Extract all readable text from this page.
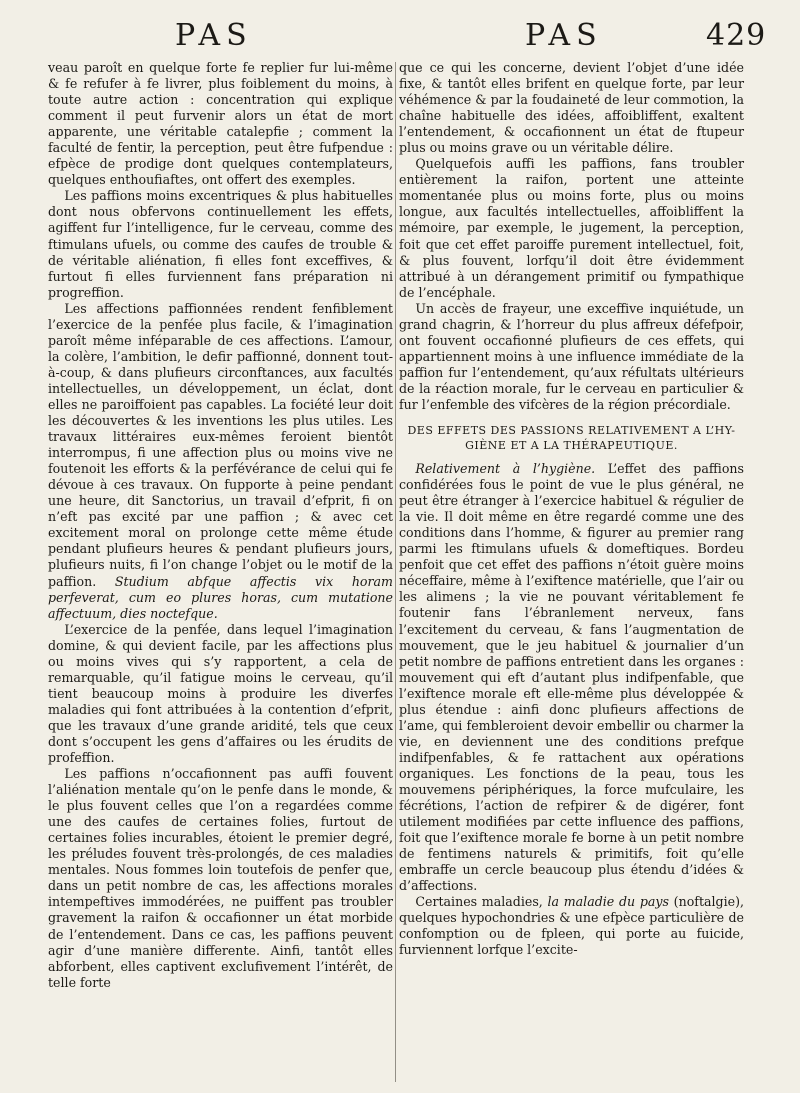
PAS	PAS	429

veau paroît en quelque forte fe replier fur lui-même & fe refufer à fe livrer, plus foiblement du moins, à toute autre action : concentration qui explique comment il peut furvenir alors un état de mort apparente, une véritable catalepfie ; comment la faculté de fentir, la perception, peut être fufpendue : efpèce de prodige dont quelques contemplateurs, quelques enthoufiaftes, ont offert des exemples.

Les paffions moins excentriques & plus habituelles dont nous obfervons continuellement les effets, agiffent fur l’intelligence, fur le cerveau, comme des ftimulans ufuels, ou comme des caufes de trouble & de véritable aliénation, fi elles font exceffives, & furtout fi elles furviennent fans préparation ni progreffion.

Les affections paffionnées rendent fenfiblement l’exercice de la penfée plus facile, & l’imagination paroît même inféparable de ces affections. L’amour, la colère, l’ambition, le defir paffionné, donnent tout-à-coup, & dans plufieurs circonftances, aux facultés intellectuelles, un développement, un éclat, dont elles ne paroiffoient pas capables. La fociété leur doit les découvertes & les inventions les plus utiles. Les travaux littéraires eux-mêmes feroient bientôt interrompus, fi une affection plus ou moins vive ne foutenoit les efforts & la perfévérance de celui qui fe dévoue à ces travaux. On fupporte à peine pendant une heure, dit Sanctorius, un travail d’efprit, fi on n’eft pas excité par une paffion ; & avec cet excitement moral on prolonge cette même étude pendant plufieurs heures & pendant plufieurs jours, plufieurs nuits, fi l’on change l’objet ou le motif de la paffion. Studium abfque affectis vix horam perfeverat, cum eo plures horas, cum mutatione affectuum, dies noctefque.

L’exercice de la penfée, dans lequel l’imagination domine, & qui devient facile, par les affections plus ou moins vives qui s’y rapportent, a cela de remarquable, qu’il fatigue moins le cerveau, qu’il tient beaucoup moins à produire les diverfes maladies qui font attribuées à la contention d’efprit, que les travaux d’une grande aridité, tels que ceux dont s’occupent les gens d’affaires ou les érudits de profeffion.

Les paffions n’occafionnent pas auffi fouvent l’aliénation mentale qu’on le penfe dans le monde, & le plus fouvent celles que l’on a regardées comme une des caufes de certaines folies, furtout de certaines folies incurables, étoient le premier degré, les préludes fouvent très-prolongés, de ces maladies mentales. Nous fommes loin toutefois de penfer que, dans un petit nombre de cas, les affections morales intempeftives immodérées, ne puiffent pas troubler gravement la raifon & occafionner un état morbide de l’entendement. Dans ce cas, les paffions peuvent agir d’une manière differente. Ainfi, tantôt elles abforbent, elles captivent exclufivement l’intérêt, de telle forte

que ce qui les concerne, devient l’objet d’une idée fixe, & tantôt elles brifent en quelque forte, par leur véhémence & par la foudaineté de leur commotion, la chaîne habituelle des idées, affoibliffent, exaltent l’entendement, & occafionnent un état de ftupeur plus ou moins grave ou un véritable délire.

Quelquefois auffi les paffions, fans troubler entièrement la raifon, portent une atteinte momentanée plus ou moins forte, plus ou moins longue, aux facultés intellectuelles, affoibliffent la mémoire, par exemple, le jugement, la perception, foit que cet effet paroiffe purement intellectuel, foit, & plus fouvent, lorfqu’il doit être évidemment attribué à un dérangement primitif ou fympathique de l’encéphale.

Un accès de frayeur, une exceffive inquiétude, un grand chagrin, & l’horreur du plus affreux défefpoir, ont fouvent occafionné plufieurs de ces effets, qui appartiennent moins à une influence immédiate de la paffion fur l’entendement, qu’aux réfultats ultérieurs de la réaction morale, fur le cerveau en particulier & fur l’enfemble des vifcères de la région précordiale.

DES EFFETS DES PASSIONS RELATIVEMENT A L’HY-
GIÈNE ET A LA THÉRAPEUTIQUE.

Relativement à l’hygiène. L’effet des paffions confidérées fous le point de vue le plus général, ne peut être étranger à l’exercice habituel & régulier de la vie. Il doit même en être regardé comme une des conditions dans l’homme, & figurer au premier rang parmi les ftimulans ufuels & domeftiques. Bordeu penfoit que cet effet des paffions n’étoit guère moins néceffaire, même à l’exiftence matérielle, que l’air ou les alimens ; la vie ne pouvant véritablement fe foutenir fans l’ébranlement nerveux, fans l’excitement du cerveau, & fans l’augmentation de mouvement, que le jeu habituel & journalier d’un petit nombre de paffions entretient dans les organes : mouvement qui eft d’autant plus indifpenfable, que l’exiftence morale eft elle-même plus développée & plus étendue : ainfi donc plufieurs affections de l’ame, qui fembleroient devoir embellir ou charmer la vie, en deviennent une des conditions prefque indifpenfables, & fe rattachent aux opérations organiques. Les fonctions de la peau, tous les mouvemens périphériques, la force mufculaire, les fécrétions, l’action de refpirer & de digérer, font utilement modifiées par cette influence des paffions, foit que l’exiftence morale fe borne à un petit nombre de fentimens naturels & primitifs, foit qu’elle embraffe un cercle beaucoup plus étendu d’idées & d’affections.

Certaines maladies, la maladie du pays (noftalgie), quelques hypochondries & une efpèce particulière de confomption ou de fpleen, qui porte au fuicide, furviennent lorfque l’excite-
